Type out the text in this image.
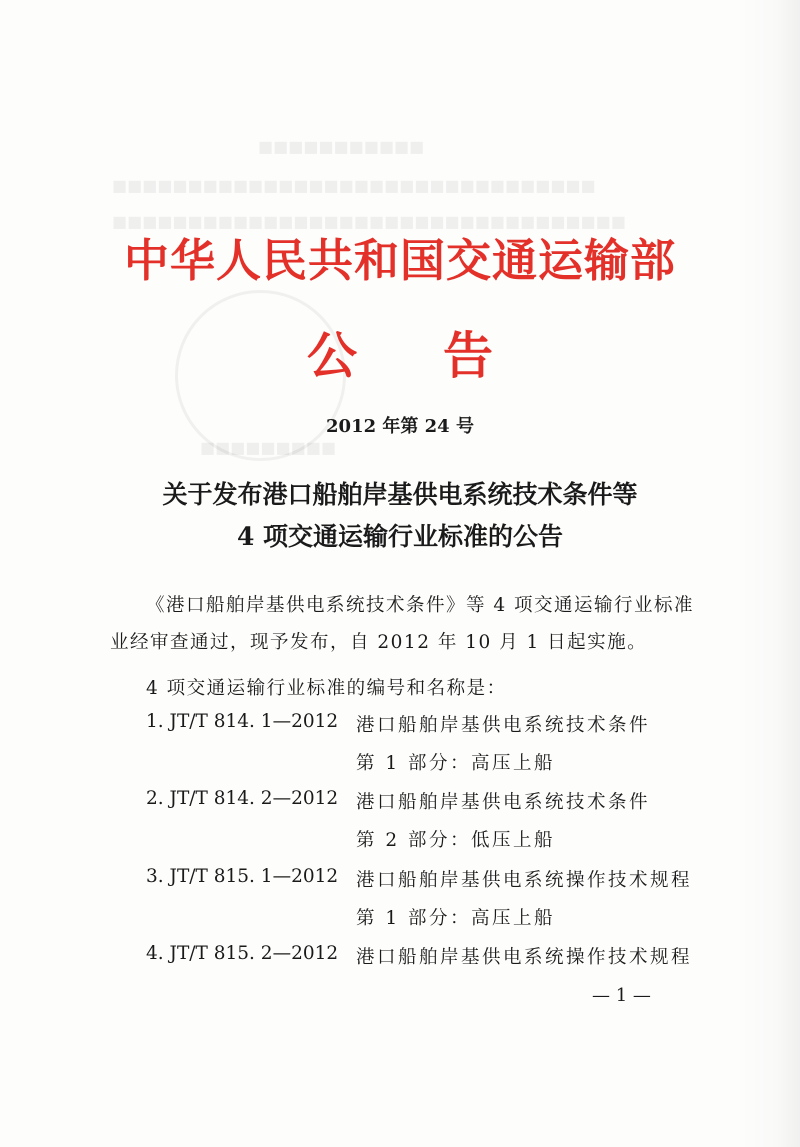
■■■■■■■■■■■
■■■■■■■■■■■■■■■■■■■■■■■■■■■■■■■■
■■■■■■■■■■■■■■■■■■■■■■■■■■■■■■■■■■
■■■■■■■■■
中华人民共和国交通运输部
公 告
2012 年第 24 号
关于发布港口船舶岸基供电系统技术条件等
4 项交通运输行业标准的公告
《港口船舶岸基供电系统技术条件》等 4 项交通运输行业标准
业经审查通过，现予发布，自 2012 年 10 月 1 日起实施。
4 项交通运输行业标准的编号和名称是：
1. JT/T 814. 1—2012 港口船舶岸基供电系统技术条件
第 1 部分：高压上船
2. JT/T 814. 2—2012 港口船舶岸基供电系统技术条件
第 2 部分：低压上船
3. JT/T 815. 1—2012 港口船舶岸基供电系统操作技术规程
第 1 部分：高压上船
4. JT/T 815. 2—2012 港口船舶岸基供电系统操作技术规程
— 1 —
